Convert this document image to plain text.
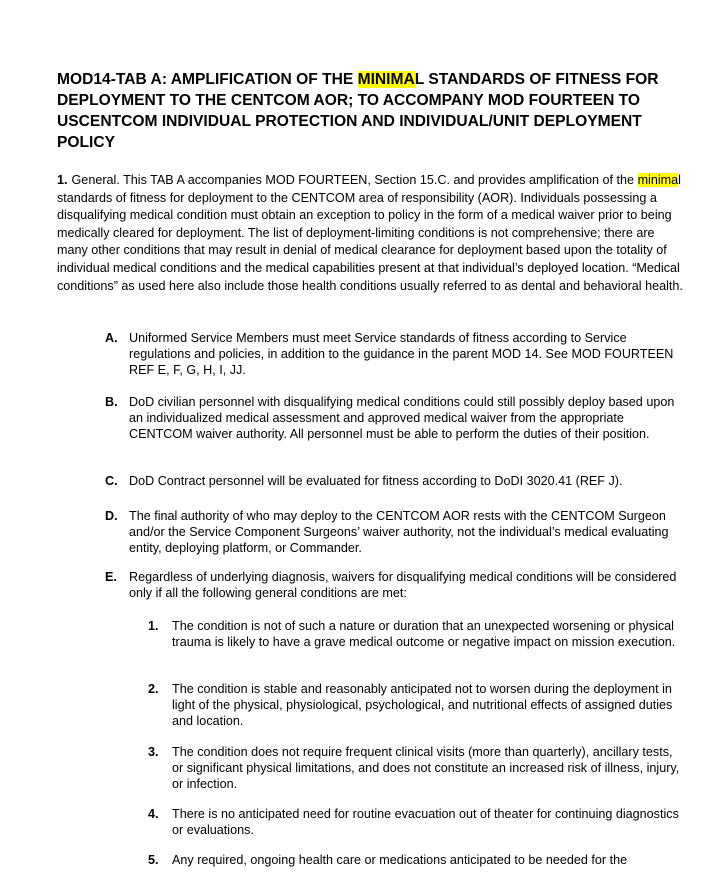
MOD14-TAB A: AMPLIFICATION OF THE MINIMAL STANDARDS OF FITNESS FOR DEPLOYMENT TO THE CENTCOM AOR; TO ACCOMPANY MOD FOURTEEN TO USCENTCOM INDIVIDUAL PROTECTION AND INDIVIDUAL/UNIT DEPLOYMENT POLICY
1. General. This TAB A accompanies MOD FOURTEEN, Section 15.C. and provides amplification of the minimal standards of fitness for deployment to the CENTCOM area of responsibility (AOR). Individuals possessing a disqualifying medical condition must obtain an exception to policy in the form of a medical waiver prior to being medically cleared for deployment. The list of deployment-limiting conditions is not comprehensive; there are many other conditions that may result in denial of medical clearance for deployment based upon the totality of individual medical conditions and the medical capabilities present at that individual’s deployed location. “Medical conditions” as used here also include those health conditions usually referred to as dental and behavioral health.
A. Uniformed Service Members must meet Service standards of fitness according to Service regulations and policies, in addition to the guidance in the parent MOD 14. See MOD FOURTEEN REF E, F, G, H, I, JJ.
B. DoD civilian personnel with disqualifying medical conditions could still possibly deploy based upon an individualized medical assessment and approved medical waiver from the appropriate CENTCOM waiver authority. All personnel must be able to perform the duties of their position.
C. DoD Contract personnel will be evaluated for fitness according to DoDI 3020.41 (REF J).
D. The final authority of who may deploy to the CENTCOM AOR rests with the CENTCOM Surgeon and/or the Service Component Surgeons’ waiver authority, not the individual’s medical evaluating entity, deploying platform, or Commander.
E. Regardless of underlying diagnosis, waivers for disqualifying medical conditions will be considered only if all the following general conditions are met:
1. The condition is not of such a nature or duration that an unexpected worsening or physical trauma is likely to have a grave medical outcome or negative impact on mission execution.
2. The condition is stable and reasonably anticipated not to worsen during the deployment in light of the physical, physiological, psychological, and nutritional effects of assigned duties and location.
3. The condition does not require frequent clinical visits (more than quarterly), ancillary tests, or significant physical limitations, and does not constitute an increased risk of illness, injury, or infection.
4. There is no anticipated need for routine evacuation out of theater for continuing diagnostics or evaluations.
5. Any required, ongoing health care or medications anticipated to be needed for the
